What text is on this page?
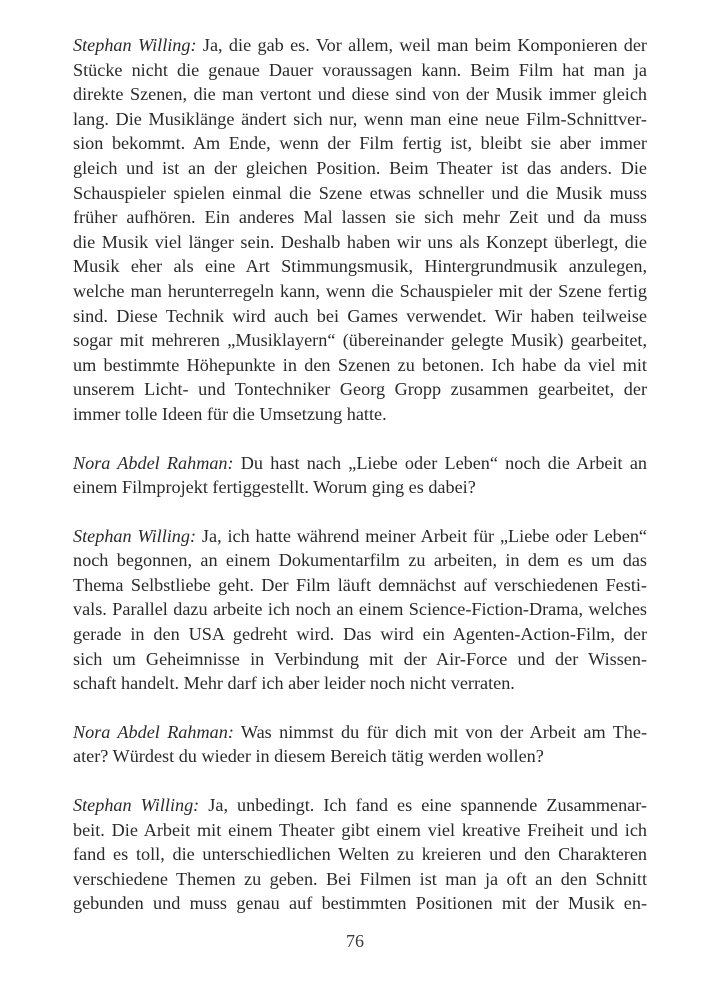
Stephan Willing: Ja, die gab es. Vor allem, weil man beim Komponieren der
Stücke nicht die genaue Dauer voraussagen kann. Beim Film hat man ja
direkte Szenen, die man vertont und diese sind von der Musik immer gleich
lang. Die Musiklänge ändert sich nur, wenn man eine neue Film-Schnittver-
sion bekommt. Am Ende, wenn der Film fertig ist, bleibt sie aber immer
gleich und ist an der gleichen Position. Beim Theater ist das anders. Die
Schauspieler spielen einmal die Szene etwas schneller und die Musik muss
früher aufhören. Ein anderes Mal lassen sie sich mehr Zeit und da muss
die Musik viel länger sein. Deshalb haben wir uns als Konzept überlegt, die
Musik eher als eine Art Stimmungsmusik, Hintergrundmusik anzulegen,
welche man herunterregeln kann, wenn die Schauspieler mit der Szene fertig
sind. Diese Technik wird auch bei Games verwendet. Wir haben teilweise
sogar mit mehreren „Musiklayern“ (übereinander gelegte Musik) gearbeitet,
um bestimmte Höhepunkte in den Szenen zu betonen. Ich habe da viel mit
unserem Licht- und Tontechniker Georg Gropp zusammen gearbeitet, der
immer tolle Ideen für die Umsetzung hatte.

Nora Abdel Rahman: Du hast nach „Liebe oder Leben“ noch die Arbeit an
einem Filmprojekt fertiggestellt. Worum ging es dabei?

Stephan Willing: Ja, ich hatte während meiner Arbeit für „Liebe oder Leben“
noch begonnen, an einem Dokumentarfilm zu arbeiten, in dem es um das
Thema Selbstliebe geht. Der Film läuft demnächst auf verschiedenen Festi-
vals. Parallel dazu arbeite ich noch an einem Science-Fiction-Drama, welches
gerade in den USA gedreht wird. Das wird ein Agenten-Action-Film, der
sich um Geheimnisse in Verbindung mit der Air-Force und der Wissen-
schaft handelt. Mehr darf ich aber leider noch nicht verraten.

Nora Abdel Rahman: Was nimmst du für dich mit von der Arbeit am The-
ater? Würdest du wieder in diesem Bereich tätig werden wollen?

Stephan Willing: Ja, unbedingt. Ich fand es eine spannende Zusammenar-
beit. Die Arbeit mit einem Theater gibt einem viel kreative Freiheit und ich
fand es toll, die unterschiedlichen Welten zu kreieren und den Charakteren
verschiedene Themen zu geben. Bei Filmen ist man ja oft an den Schnitt
gebunden und muss genau auf bestimmten Positionen mit der Musik en-

76
